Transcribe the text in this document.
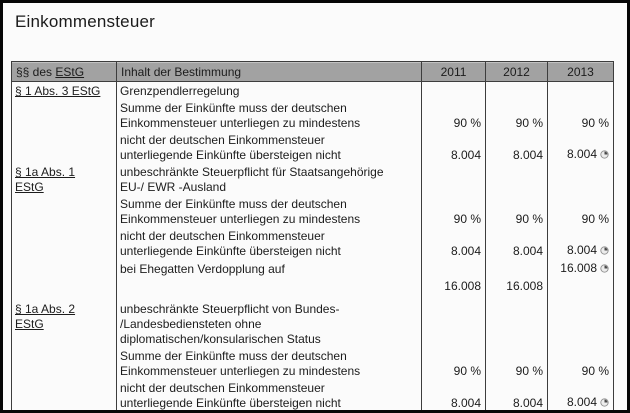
Einkommensteuer
§§ des EStG	Inhalt der Bestimmung	2011	2012	2013
§ 1 Abs. 3 EStG	Grenzpendlerregelung			
	Summe der Einkünfte muss der deutschen
Einkommensteuer unterliegen zu mindestens	90 %	90 %	90 %
	nicht der deutschen Einkommensteuer
unterliegende Einkünfte übersteigen nicht	8.004	8.004	8.004
§ 1a Abs. 1
EStG	unbeschränkte Steuerpflicht für Staatsangehörige
EU-/ EWR -Ausland			
	Summe der Einkünfte muss der deutschen
Einkommensteuer unterliegen zu mindestens	90 %	90 %	90 %
	nicht der deutschen Einkommensteuer
unterliegende Einkünfte übersteigen nicht	8.004	8.004	8.004
	bei Ehegatten Verdopplung auf			16.008
		16.008	16.008	

§ 1a Abs. 2
EStG	unbeschränkte Steuerpflicht von Bundes-
/Landesbediensteten ohne
diplomatischen/konsularischen Status			
	Summe der Einkünfte muss der deutschen
Einkommensteuer unterliegen zu mindestens	90 %	90 %	90 %
	nicht der deutschen Einkommensteuer
unterliegende Einkünfte übersteigen nicht	8.004	8.004	8.004
